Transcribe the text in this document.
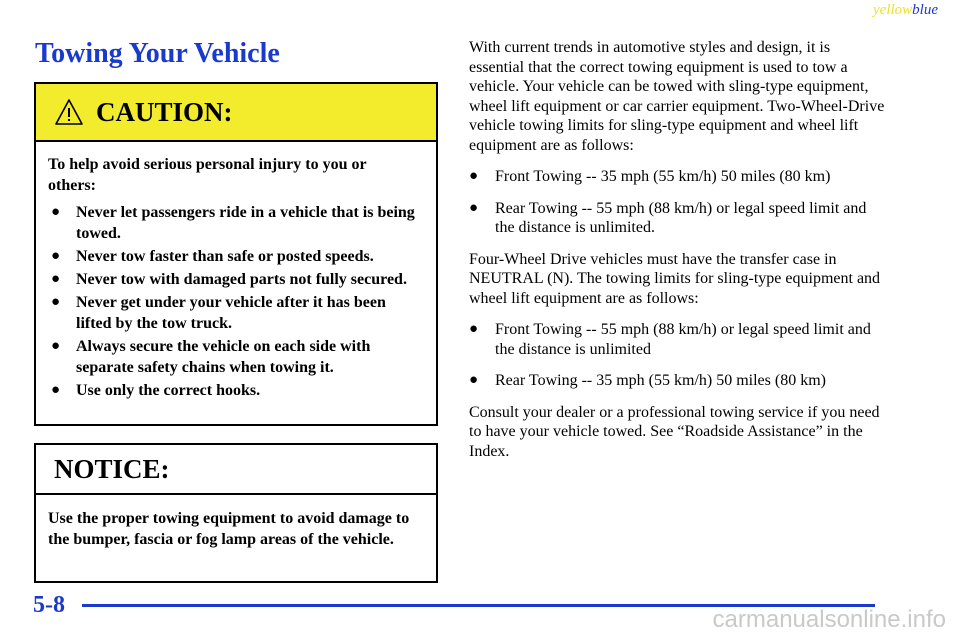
yellowblue
Towing Your Vehicle
CAUTION:

To help avoid serious personal injury to you or others:

● Never let passengers ride in a vehicle that is being towed.
● Never tow faster than safe or posted speeds.
● Never tow with damaged parts not fully secured.
● Never get under your vehicle after it has been lifted by the tow truck.
● Always secure the vehicle on each side with separate safety chains when towing it.
● Use only the correct hooks.
NOTICE:

Use the proper towing equipment to avoid damage to the bumper, fascia or fog lamp areas of the vehicle.

With current trends in automotive styles and design, it is essential that the correct towing equipment is used to tow a vehicle. Your vehicle can be towed with sling-type equipment, wheel lift equipment or car carrier equipment. Two-Wheel-Drive vehicle towing limits for sling-type equipment and wheel lift equipment are as follows:

● Front Towing -- 35 mph (55 km/h) 50 miles (80 km)
● Rear Towing -- 55 mph (88 km/h) or legal speed limit and the distance is unlimited.

Four-Wheel Drive vehicles must have the transfer case in NEUTRAL (N). The towing limits for sling-type equipment and wheel lift equipment are as follows:

● Front Towing -- 55 mph (88 km/h) or legal speed limit and the distance is unlimited
● Rear Towing -- 35 mph (55 km/h) 50 miles (80 km)

Consult your dealer or a professional towing service if you need to have your vehicle towed. See “Roadside Assistance” in the Index.

5-8
carmanualsonline.info
